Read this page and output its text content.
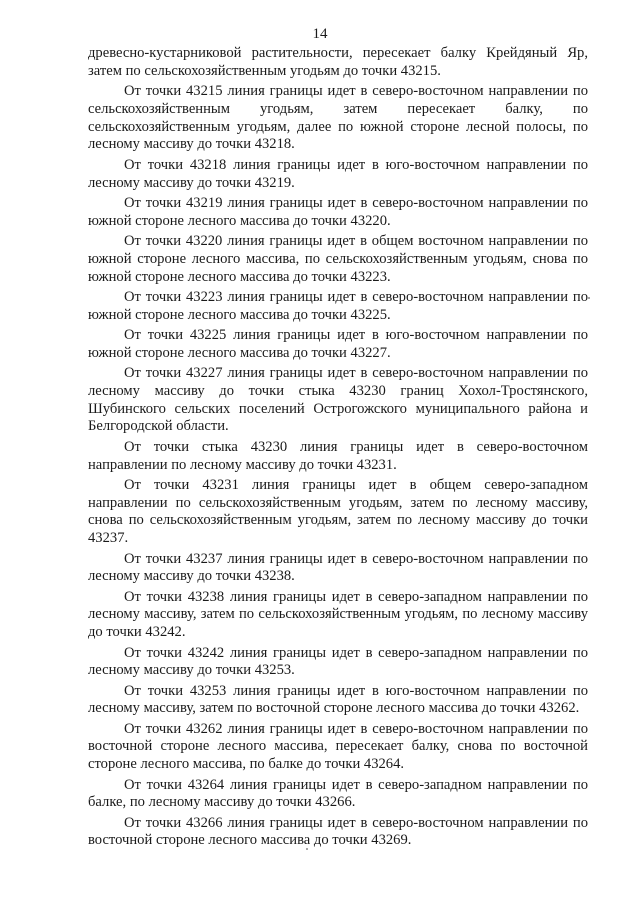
14

древесно-кустарниковой растительности, пересекает балку Крейдяный Яр, затем по сельскохозяйственным угодьям до точки 43215.

От точки 43215 линия границы идет в северо-восточном направлении по сельскохозяйственным угодьям, затем пересекает балку, по сельскохозяйственным угодьям, далее по южной стороне лесной полосы, по лесному массиву до точки 43218.

От точки 43218 линия границы идет в юго-восточном направлении по лесному массиву до точки 43219.

От точки 43219 линия границы идет в северо-восточном направлении по южной стороне лесного массива до точки 43220.

От точки 43220 линия границы идет в общем восточном направлении по южной стороне лесного массива, по сельскохозяйственным угодьям, снова по южной стороне лесного массива до точки 43223.

От точки 43223 линия границы идет в северо-восточном направлении по южной стороне лесного массива до точки 43225.

От точки 43225 линия границы идет в юго-восточном направлении по южной стороне лесного массива до точки 43227.

От точки 43227 линия границы идет в северо-восточном направлении по лесному массиву до точки стыка 43230 границ Хохол-Тростянского, Шубинского сельских поселений Острогожского муниципального района и Белгородской области.

От точки стыка 43230 линия границы идет в северо-восточном направлении по лесному массиву до точки 43231.

От точки 43231 линия границы идет в общем северо-западном направлении по сельскохозяйственным угодьям, затем по лесному массиву, снова по сельскохозяйственным угодьям, затем по лесному массиву до точки 43237.

От точки 43237 линия границы идет в северо-восточном направлении по лесному массиву до точки 43238.

От точки 43238 линия границы идет в северо-западном направлении по лесному массиву, затем по сельскохозяйственным угодьям, по лесному массиву до точки 43242.

От точки 43242 линия границы идет в северо-западном направлении по лесному массиву до точки 43253.

От точки 43253 линия границы идет в юго-восточном направлении по лесному массиву, затем по восточной стороне лесного массива до точки 43262.

От точки 43262 линия границы идет в северо-восточном направлении по восточной стороне лесного массива, пересекает балку, снова по восточной стороне лесного массива, по балке до точки 43264.

От точки 43264 линия границы идет в северо-западном направлении по балке, по лесному массиву до точки 43266.

От точки 43266 линия границы идет в северо-восточном направлении по восточной стороне лесного массива до точки 43269.
